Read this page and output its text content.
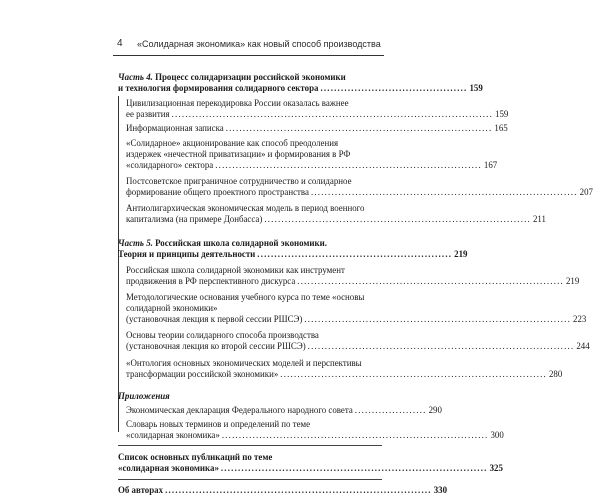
4 «Солидарная экономика» как новый способ производства
Часть 4. Процесс солидаризации российской экономики
и технология формирования солидарного сектора ........................................... 159
Цивилизационная перекодировка России оказалась важнее
ее развития .............................................................................................. 159
Информационная записка .............................................................................. 165
«Солидарное» акционирование как способ преодоления
издержек «нечестной приватизации» и формирования в РФ
«солидарного» сектора .............................................................................. 167
Постсоветское приграничное сотрудничество и солидарное
формирование общего проектного пространства .............................................................................. 207
Антиолигархическая экономическая модель в период военного
капитализма (на примере Донбасса) .............................................................................. 211
Часть 5. Российская школа солидарной экономики.
Теория и принципы деятельности ......................................................... 219
Российская школа солидарной экономики как инструмент
продвижения в РФ перспективного дискурса .............................................................................. 219
Методологические основания учебного курса по теме «основы
солидарной экономики»
(установочная лекция к первой сессии РШСЭ) .............................................................................. 223
Основы теории солидарного способа производства
(установочная лекция ко второй сессии РШСЭ) .............................................................................. 244
«Онтология основных экономических моделей и перспективы
трансформации российской экономики» .............................................................................. 280
Приложения
Экономическая декларация Федерального народного совета ..................... 290
Словарь новых терминов и определений по теме
«солидарная экономика» .............................................................................. 300
Список основных публикаций по теме
«солидарная экономика» .............................................................................. 325
Об авторах .............................................................................. 330
